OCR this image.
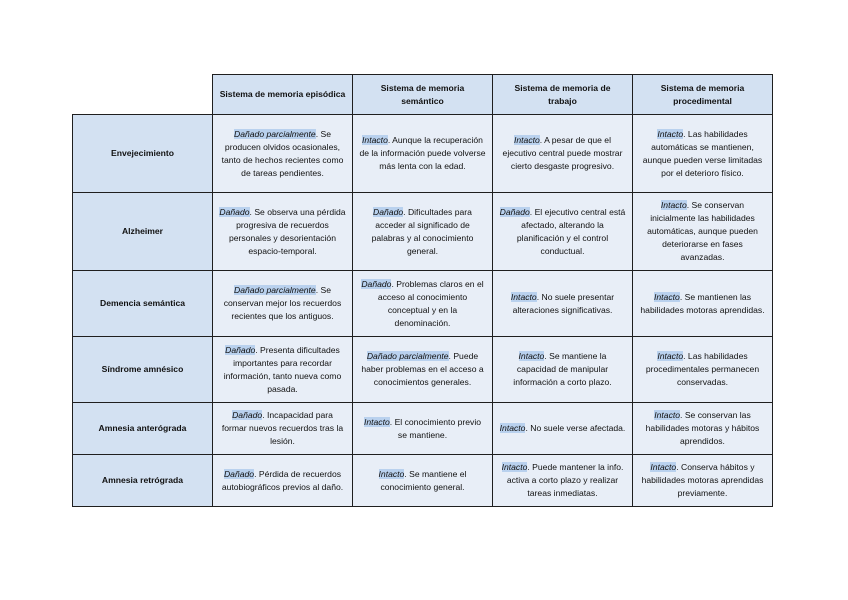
	Sistema de memoria episódica	Sistema de memoria semántico	Sistema de memoria de trabajo	Sistema de memoria procedimental
Envejecimiento	Dañado parcialmente. Se producen olvidos ocasionales, tanto de hechos recientes como de tareas pendientes.	Intacto. Aunque la recuperación de la información puede volverse más lenta con la edad.	Intacto. A pesar de que el ejecutivo central puede mostrar cierto desgaste progresivo.	Intacto. Las habilidades automáticas se mantienen, aunque pueden verse limitadas por el deterioro físico.
Alzheimer	Dañado. Se observa una pérdida progresiva de recuerdos personales y desorientación espacio-temporal.	Dañado. Dificultades para acceder al significado de palabras y al conocimiento general.	Dañado. El ejecutivo central está afectado, alterando la planificación y el control conductual.	Intacto. Se conservan inicialmente las habilidades automáticas, aunque pueden deteriorarse en fases avanzadas.
Demencia semántica	Dañado parcialmente. Se conservan mejor los recuerdos recientes que los antiguos.	Dañado. Problemas claros en el acceso al conocimiento conceptual y en la denominación.	Intacto. No suele presentar alteraciones significativas.	Intacto. Se mantienen las habilidades motoras aprendidas.
Síndrome amnésico	Dañado. Presenta dificultades importantes para recordar información, tanto nueva como pasada.	Dañado parcialmente. Puede haber problemas en el acceso a conocimientos generales.	Intacto. Se mantiene la capacidad de manipular información a corto plazo.	Intacto. Las habilidades procedimentales permanecen conservadas.
Amnesia anterógrada	Dañado. Incapacidad para formar nuevos recuerdos tras la lesión.	Intacto. El conocimiento previo se mantiene.	Intacto. No suele verse afectada.	Intacto. Se conservan las habilidades motoras y hábitos aprendidos.
Amnesia retrógrada	Dañado. Pérdida de recuerdos autobiográficos previos al daño.	Intacto. Se mantiene el conocimiento general.	Intacto. Puede mantener la info. activa a corto plazo y realizar tareas inmediatas.	Intacto. Conserva hábitos y habilidades motoras aprendidas previamente.
